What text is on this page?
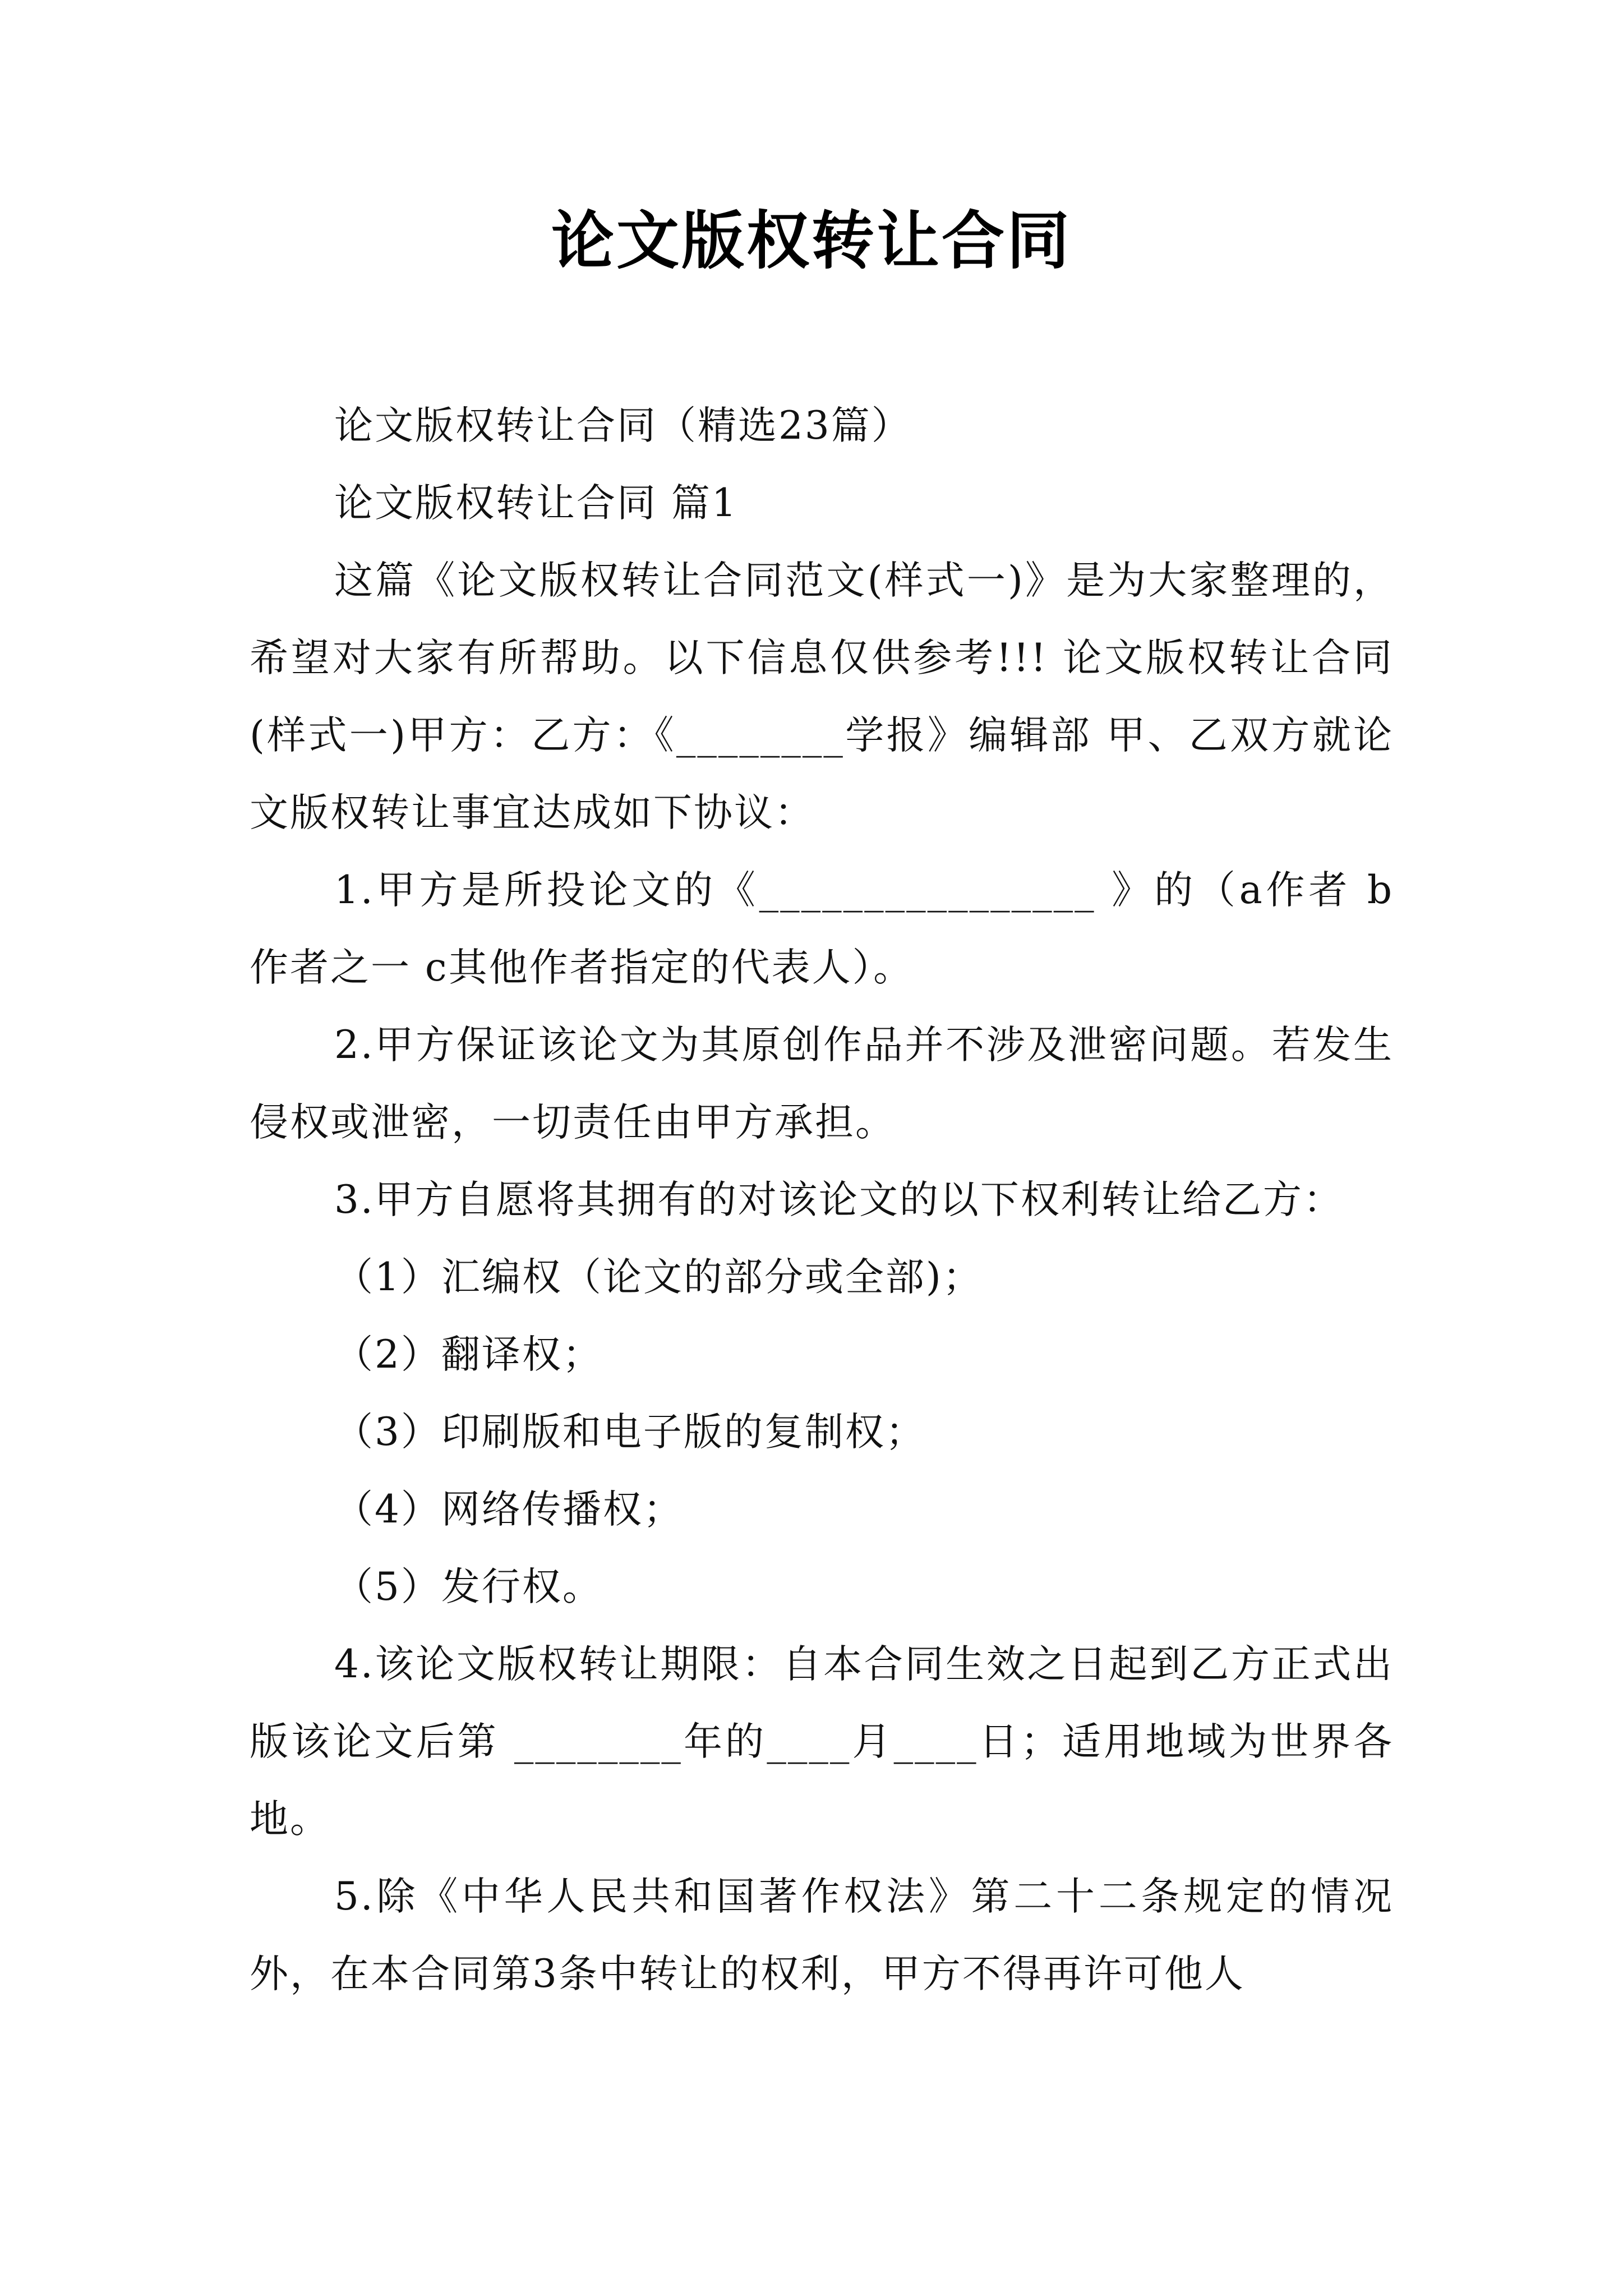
论文版权转让合同

论文版权转让合同（精选23篇）

论文版权转让合同 篇1

这篇《论文版权转让合同范文(样式一)》是为大家整理的，希望对大家有所帮助。以下信息仅供参考!!! 论文版权转让合同(样式一)甲方：乙方：《________学报》编辑部 甲、乙双方就论文版权转让事宜达成如下协议：

1.甲方是所投论文的《________________ 》的（a作者 b作者之一 c其他作者指定的代表人）。

2.甲方保证该论文为其原创作品并不涉及泄密问题。若发生侵权或泄密，一切责任由甲方承担。

3.甲方自愿将其拥有的对该论文的以下权利转让给乙方：

（1）汇编权（论文的部分或全部)；

（2）翻译权；

（3）印刷版和电子版的复制权；

（4）网络传播权；

（5）发行权。

4.该论文版权转让期限：自本合同生效之日起到乙方正式出版该论文后第 ________年的____月____日；适用地域为世界各地。

5.除《中华人民共和国著作权法》第二十二条规定的情况外，在本合同第3条中转让的权利，甲方不得再许可他人
